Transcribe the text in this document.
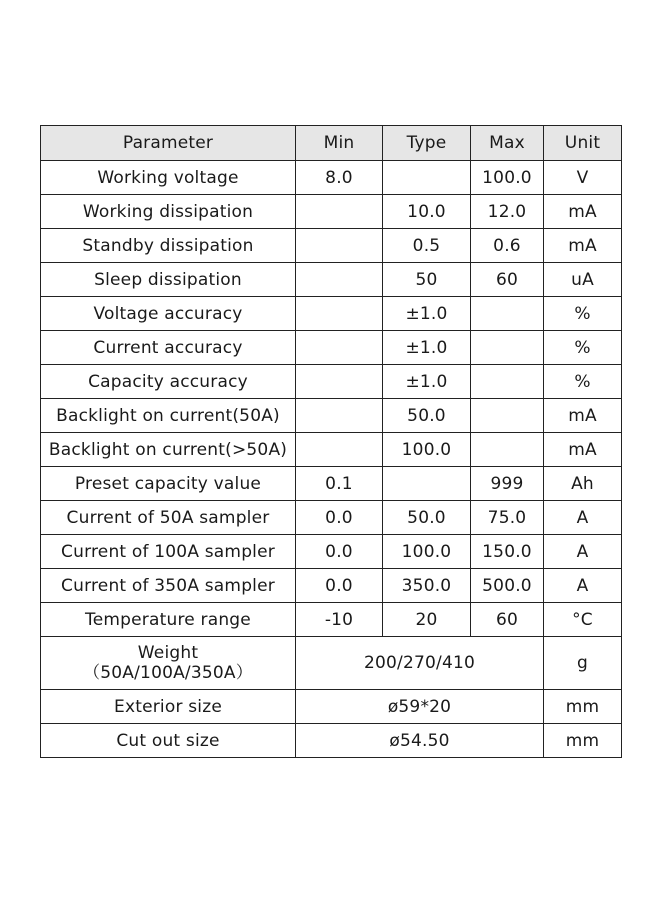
Parameter	Min	Type	Max	Unit
Working voltage	8.0		100.0	V
Working dissipation		10.0	12.0	mA
Standby dissipation		0.5	0.6	mA
Sleep dissipation		50	60	uA
Voltage accuracy		±1.0		%
Current accuracy		±1.0		%
Capacity accuracy		±1.0		%
Backlight on current(50A)		50.0		mA
Backlight on current(>50A)		100.0		mA
Preset capacity value	0.1		999	Ah
Current of 50A sampler	0.0	50.0	75.0	A
Current of 100A sampler	0.0	100.0	150.0	A
Current of 350A sampler	0.0	350.0	500.0	A
Temperature range	-10	20	60	°C

Weight
（50A/100A/350A）	200/270/410			g
Exterior size	ø59*20			mm
Cut out size	ø54.50			mm
